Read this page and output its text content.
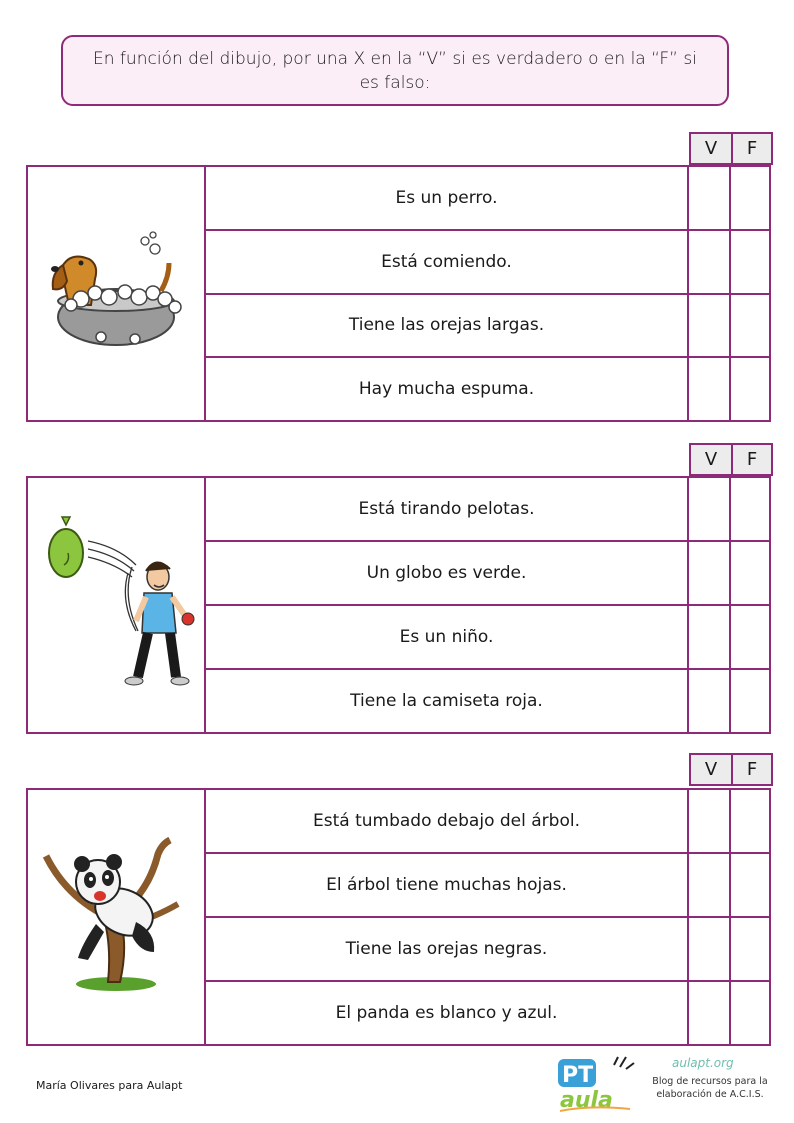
En función del dibujo, por una X en la “V” si es verdadero o en la “F” si es falso:
V	F
Es un perro.
Está comiendo.
Tiene las orejas largas.
Hay mucha espuma.
V	F
Está tirando pelotas.
Un globo es verde.
Es un niño.
Tiene la camiseta roja.
V	F
Está tumbado debajo del árbol.
El árbol tiene muchas hojas.
Tiene las orejas negras.
El panda es blanco y azul.
María Olivares para Aulapt	PT
aula
aulapt.org
Blog de recursos para la elaboración de A.C.I.S.
